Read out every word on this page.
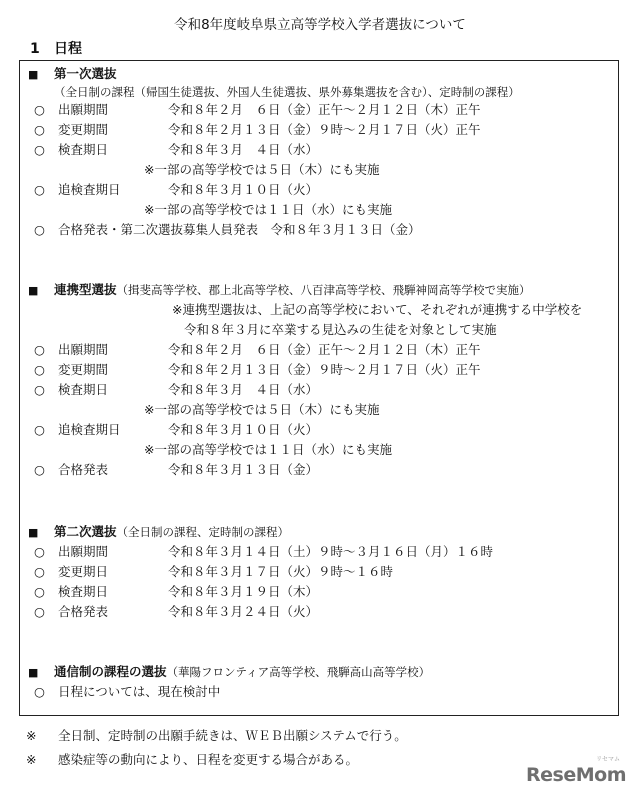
令和8年度岐阜県立高等学校入学者選抜について
1 日程
■ 第一次選抜
（全日制の課程（帰国生徒選抜、外国人生徒選抜、県外募集選抜を含む）、定時制の課程）
○ 出願期間	令和８年２月　６日（金）正午～２月１２日（木）正午
○ 変更期間	令和８年２月１３日（金）９時～２月１７日（火）正午
○ 検査期日	令和８年３月　４日（水）
※一部の高等学校では５日（木）にも実施
○ 追検査期日	令和８年３月１０日（火）
※一部の高等学校では１１日（水）にも実施
○ 合格発表・第二次選抜募集人員発表　令和８年３月１３日（金）
■ 連携型選抜（揖斐高等学校、郡上北高等学校、八百津高等学校、飛騨神岡高等学校で実施）
※連携型選抜は、上記の高等学校において、それぞれが連携する中学校を
令和８年３月に卒業する見込みの生徒を対象として実施
○ 出願期間	令和８年２月　６日（金）正午～２月１２日（木）正午
○ 変更期間	令和８年２月１３日（金）９時～２月１７日（火）正午
○ 検査期日	令和８年３月　４日（水）
※一部の高等学校では５日（木）にも実施
○ 追検査期日	令和８年３月１０日（火）
※一部の高等学校では１１日（水）にも実施
○ 合格発表	令和８年３月１３日（金）
■ 第二次選抜（全日制の課程、定時制の課程）
○ 出願期間	令和８年３月１４日（土）９時～３月１６日（月）１６時
○ 変更期日	令和８年３月１７日（火）９時～１６時
○ 検査期日	令和８年３月１９日（木）
○ 合格発表	令和８年３月２４日（火）
■ 通信制の課程の選抜（華陽フロンティア高等学校、飛騨高山高等学校）
○ 日程については、現在検討中
※ 全日制、定時制の出願手続きは、ＷＥＢ出願システムで行う。
※ 感染症等の動向により、日程を変更する場合がある。	リセマム
ReseMom
